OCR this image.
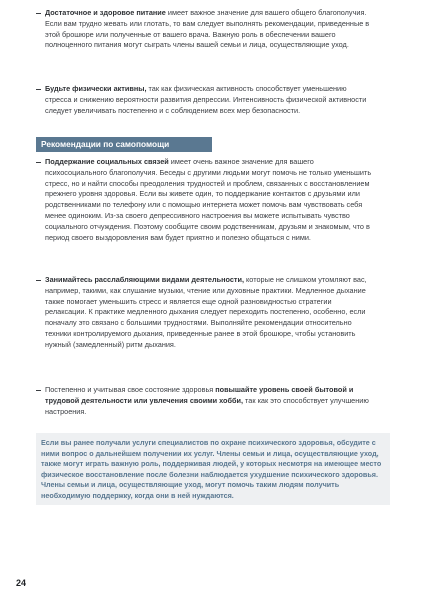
Достаточное и здоровое питание имеет важное значение для вашего общего благополучия. Если вам трудно жевать или глотать, то вам следует выполнять рекомендации, приведенные в этой брошюре или полученные от вашего врача. Важную роль в обеспечении вашего полноценного питания могут сыграть члены вашей семьи и лица, осуществляющие уход.
Будьте физически активны, так как физическая активность способствует уменьшению стресса и снижению вероятности развития депрессии. Интенсивность физической активности следует увеличивать постепенно и с соблюдением всех мер безопасности.
Рекомендации по самопомощи
Поддержание социальных связей имеет очень важное значение для вашего психосоциального благополучия. Беседы с другими людьми могут помочь не только уменьшить стресс, но и найти способы преодоления трудностей и проблем, связанных с восстановлением прежнего уровня здоровья. Если вы живете один, то поддержание контактов с друзьями или родственниками по телефону или с помощью интернета может помочь вам чувствовать себя менее одиноким. Из-за своего депрессивного настроения вы можете испытывать чувство социального отчуждения. Поэтому сообщите своим родственникам, друзьям и знакомым, что в период своего выздоровления вам будет приятно и полезно общаться с ними.
Занимайтесь расслабляющими видами деятельности, которые не слишком утомляют вас, например, такими, как слушание музыки, чтение или духовные практики. Медленное дыхание также помогает уменьшить стресс и является еще одной разновидностью стратегии релаксации. К практике медленного дыхания следует переходить постепенно, особенно, если поначалу это связано с большими трудностями. Выполняйте рекомендации относительно техники контролируемого дыхания, приведенные ранее в этой брошюре, чтобы установить нужный (замедленный) ритм дыхания.
Постепенно и учитывая свое состояние здоровья повышайте уровень своей бытовой и трудовой деятельности или увлечения своими хобби, так как это способствует улучшению настроения.
Если вы ранее получали услуги специалистов по охране психического здоровья, обсудите с ними вопрос о дальнейшем получении их услуг. Члены семьи и лица, осуществляющие уход, также могут играть важную роль, поддерживая людей, у которых несмотря на имеющее место физическое восстановление после болезни наблюдается ухудшение психического здоровья. Члены семьи и лица, осуществляющие уход, могут помочь таким людям получить необходимую поддержку, когда они в ней нуждаются.
24
